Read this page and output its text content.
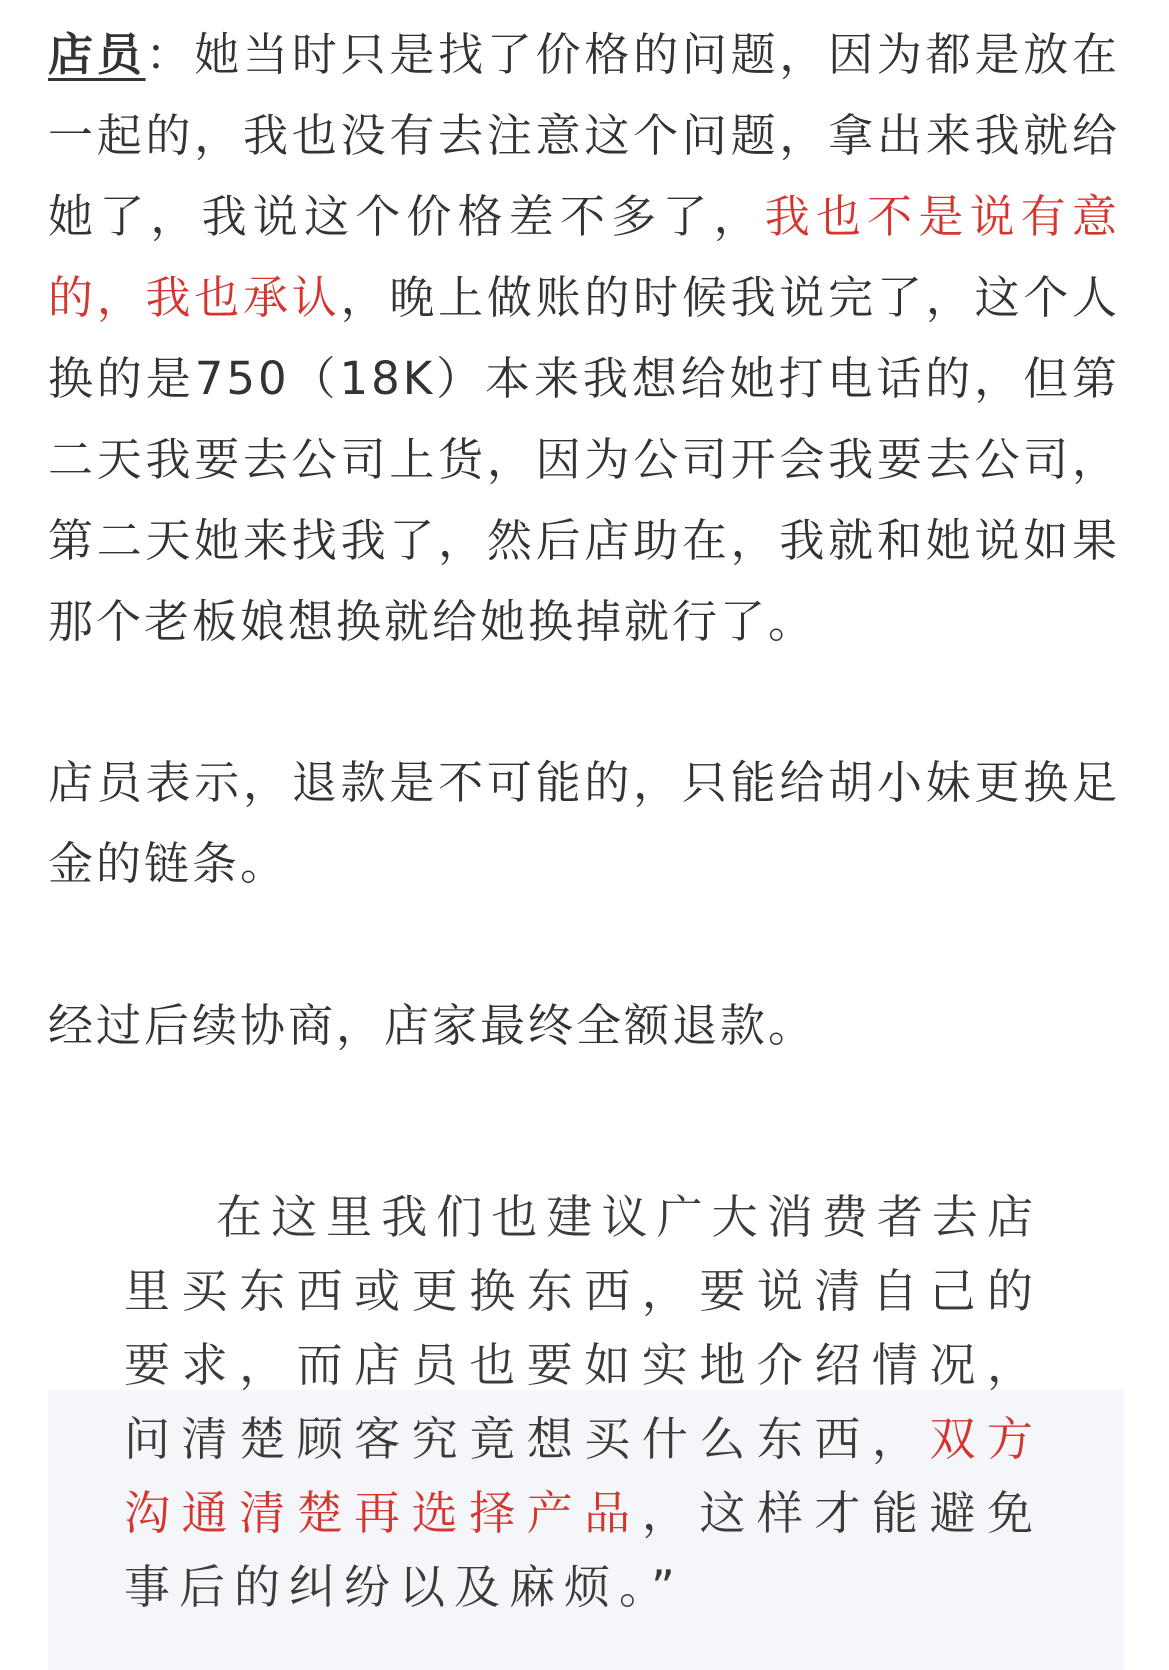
店员：她当时只是找了价格的问题，因为都是放在一起的，我也没有去注意这个问题，拿出来我就给她了，我说这个价格差不多了，我也不是说有意的，我也承认，晚上做账的时候我说完了，这个人换的是750（18K）本来我想给她打电话的，但第二天我要去公司上货，因为公司开会我要去公司，第二天她来找我了，然后店助在，我就和她说如果那个老板娘想换就给她换掉就行了。

店员表示，退款是不可能的，只能给胡小妹更换足金的链条。

经过后续协商，店家最终全额退款。

在这里我们也建议广大消费者去店里买东西或更换东西，要说清自己的要求，而店员也要如实地介绍情况，问清楚顾客究竟想买什么东西，双方沟通清楚再选择产品，这样才能避免事后的纠纷以及麻烦。”
